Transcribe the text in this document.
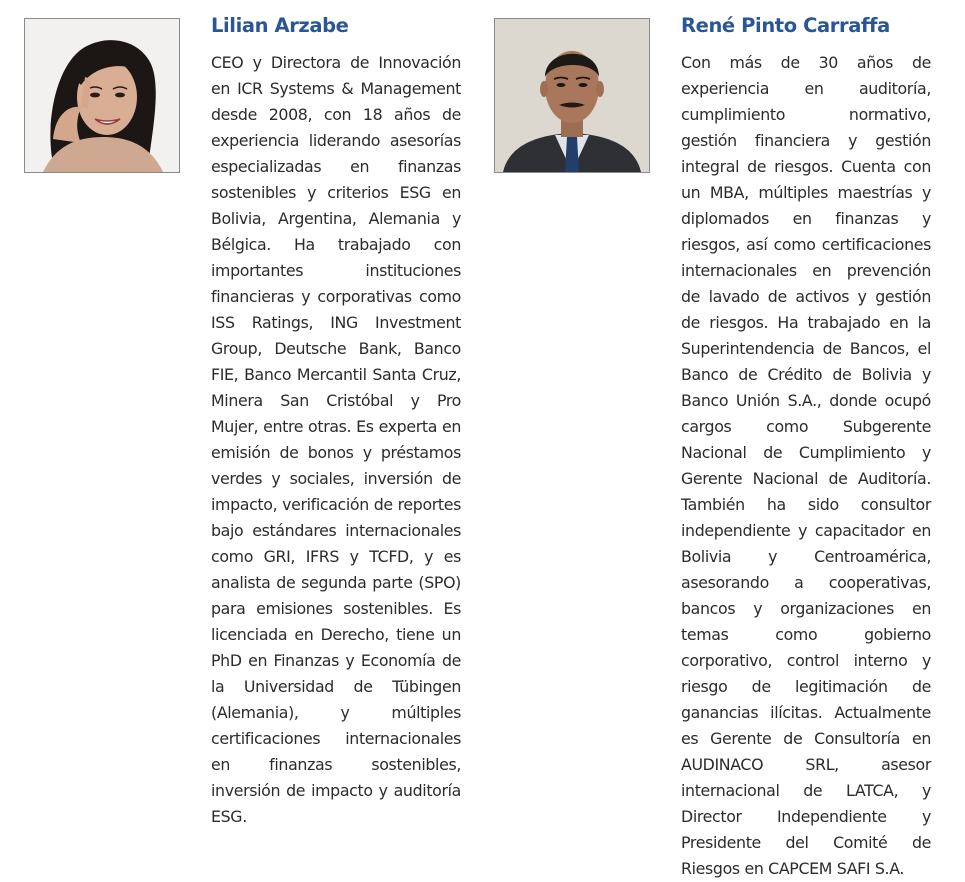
Lilian Arzabe

CEO y Directora de Innovación en ICR Systems & Management desde 2008, con 18 años de experiencia liderando asesorías especializadas en finanzas sostenibles y criterios ESG en Bolivia, Argentina, Alemania y Bélgica. Ha trabajado con importantes instituciones financieras y corporativas como ISS Ratings, ING Investment Group, Deutsche Bank, Banco FIE, Banco Mercantil Santa Cruz, Minera San Cristóbal y Pro Mujer, entre otras. Es experta en emisión de bonos y préstamos verdes y sociales, inversión de impacto, verificación de reportes bajo estándares internacionales como GRI, IFRS y TCFD, y es analista de segunda parte (SPO) para emisiones sostenibles. Es licenciada en Derecho, tiene un PhD en Finanzas y Economía de la Universidad de Tübingen (Alemania), y múltiples certificaciones internacionales en finanzas sostenibles, inversión de impacto y auditoría ESG.

René Pinto Carraffa

Con más de 30 años de experiencia en auditoría, cumplimiento normativo, gestión financiera y gestión integral de riesgos. Cuenta con un MBA, múltiples maestrías y diplomados en finanzas y riesgos, así como certificaciones internacionales en prevención de lavado de activos y gestión de riesgos. Ha trabajado en la Superintendencia de Bancos, el Banco de Crédito de Bolivia y Banco Unión S.A., donde ocupó cargos como Subgerente Nacional de Cumplimiento y Gerente Nacional de Auditoría. También ha sido consultor independiente y capacitador en Bolivia y Centroamérica, asesorando a cooperativas, bancos y organizaciones en temas como gobierno corporativo, control interno y riesgo de legitimación de ganancias ilícitas. Actualmente es Gerente de Consultoría en AUDINACO SRL, asesor internacional de LATCA, y Director Independiente y Presidente del Comité de Riesgos en CAPCEM SAFI S.A.
